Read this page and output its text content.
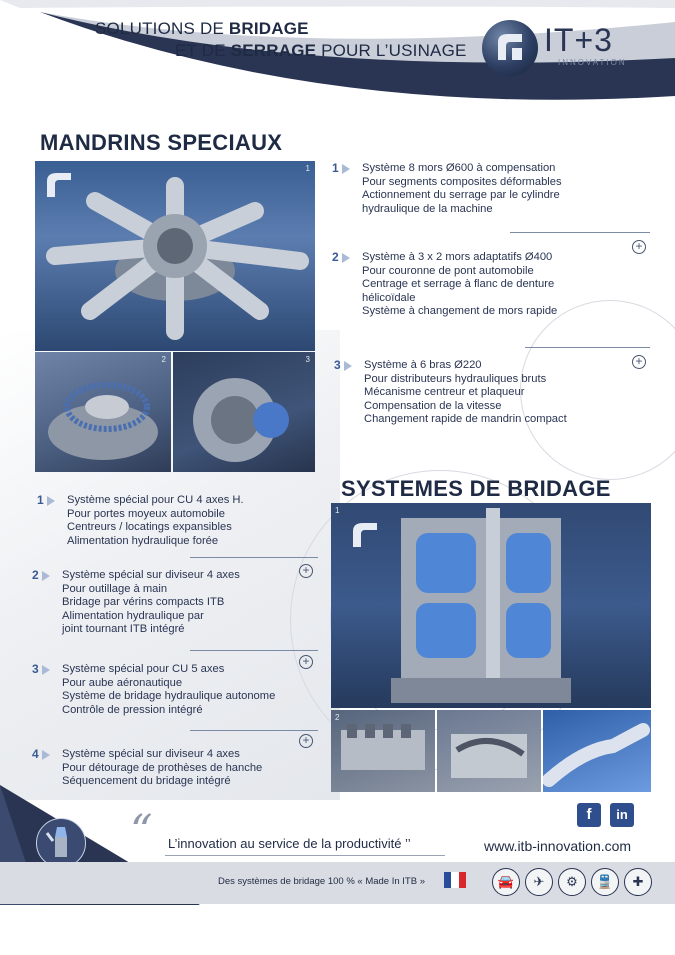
SOLUTIONS DE BRIDAGE
ET DE SERRAGE POUR L’USINAGE IT+3
INNOVATION
MANDRINS SPECIAUX
1
2	3
1	Système 8 mors Ø600 à compensation

Pour segments composites déformables

Actionnement du serrage par le cylindre

hydraulique de la machine

+
2	Système à 3 x 2 mors adaptatifs Ø400

Pour couronne de pont automobile

Centrage et serrage à flanc de denture

hélicoïdale

Système à changement de mors rapide

+
3	Système à 6 bras Ø220

Pour distributeurs hydrauliques bruts

Mécanisme centreur et plaqueur

Compensation de la vitesse

Changement rapide de mandrin compact

SYSTEMES DE BRIDAGE
1
2
1	Système spécial pour CU 4 axes H.

Pour portes moyeux automobile

Centreurs / locatings expansibles

Alimentation hydraulique forée

+
2	Système spécial sur diviseur 4 axes

Pour outillage à main

Bridage par vérins compacts ITB

Alimentation hydraulique par

joint tournant ITB intégré

+
3	Système spécial pour CU 5 axes

Pour aube aéronautique

Système de bridage hydraulique autonome

Contrôle de pression intégré

+
4	Système spécial sur diviseur 4 axes

Pour détourage de prothèses de hanche

Séquencement du bridage intégré

“ L’innovation au service de la productivité ’’
f	in
www.itb-innovation.com
Des systèmes de bridage 100 % « Made In ITB »	🚘	✈	⚙	🚆	✚
